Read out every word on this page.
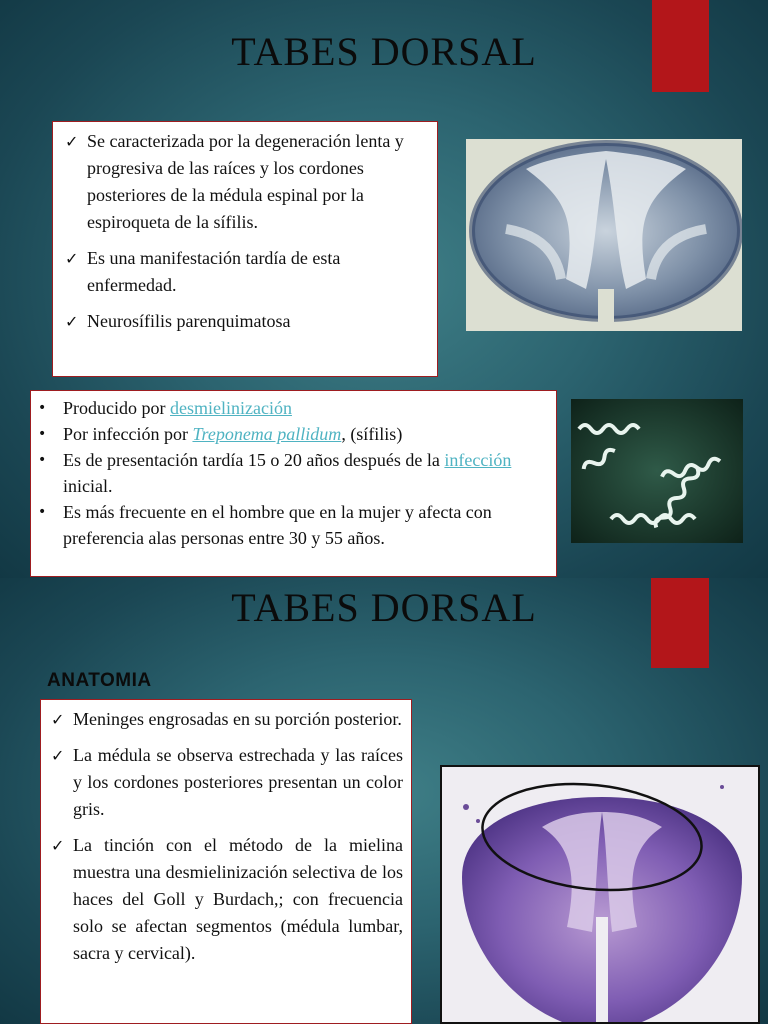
TABES DORSAL
✓ Se caracterizada por la degeneración lenta y progresiva de las raíces y los cordones posteriores de la médula espinal por la espiroqueta de la sífilis.
✓ Es una manifestación tardía de esta enfermedad.
✓ Neurosífilis parenquimatosa
• Producido por desmielinización
• Por infección por Treponema pallidum, (sífilis)
• Es de presentación tardía 15 o 20 años después de la infección inicial.
• Es más frecuente en el hombre que en la mujer y afecta con preferencia alas personas entre 30 y 55 años.
TABES DORSAL
ANATOMIA
✓ Meninges engrosadas en su porción posterior.
✓ La médula se observa estrechada y las raíces y los cordones posteriores presentan un color gris.
✓ La tinción con el método de la mielina muestra una desmielinización selectiva de los haces del Goll y Burdach,; con frecuencia solo se afectan segmentos (médula lumbar, sacra y cervical).
